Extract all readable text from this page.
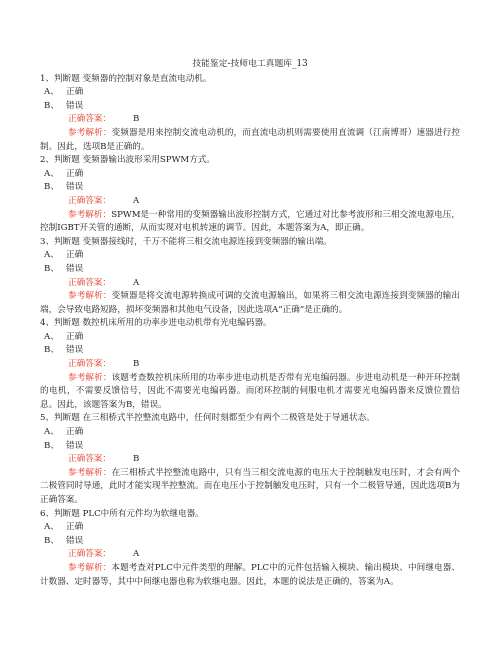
技能鉴定-技师电工真题库_13
1、判断题 变频器的控制对象是直流电动机。
A、 正确
B、 错误
正确答案：	B
参考解析：变频器是用来控制交流电动机的，而直流电动机则需要使用直流调（江南博哥）速器进行控制。因此，选项B是正确的。
2、判断题 变频器输出波形采用SPWM方式。
A、 正确
B、 错误
正确答案：	A
参考解析：SPWM是一种常用的变频器输出波形控制方式，它通过对比参考波形和三相交流电源电压，控制IGBT开关管的通断，从而实现对电机转速的调节。因此，本题答案为A，即正确。
3、判断题 变频器接线时，千万不能将三相交流电源连接到变频器的输出端。
A、 正确
B、 错误
正确答案：	A
参考解析：变频器是将交流电源转换成可调的交流电源输出，如果将三相交流电源连接到变频器的输出端，会导致电路短路，损坏变频器和其他电气设备，因此选项A“正确”是正确的。
4、判断题 数控机床所用的功率步进电动机带有光电编码器。
A、 正确
B、 错误
正确答案：	B
参考解析：该题考查数控机床所用的功率步进电动机是否带有光电编码器。步进电动机是一种开环控制的电机，不需要反馈信号，因此不需要光电编码器。而闭环控制的伺服电机才需要光电编码器来反馈位置信息。因此，该题答案为B，错误。
5、判断题 在三相桥式半控整流电路中，任何时刻都至少有两个二极管是处于导通状态。
A、 正确
B、 错误
正确答案：	B
参考解析：在三相桥式半控整流电路中，只有当三相交流电源的电压大于控制触发电压时，才会有两个二极管同时导通，此时才能实现半控整流。而在电压小于控制触发电压时，只有一个二极管导通，因此选项B为正确答案。
6、判断题 PLC中所有元件均为软继电器。
A、 正确
B、 错误
正确答案：	A
参考解析：本题考查对PLC中元件类型的理解。PLC中的元件包括输入模块、输出模块、中间继电器、计数器、定时器等，其中中间继电器也称为软继电器。因此，本题的说法是正确的，答案为A。
